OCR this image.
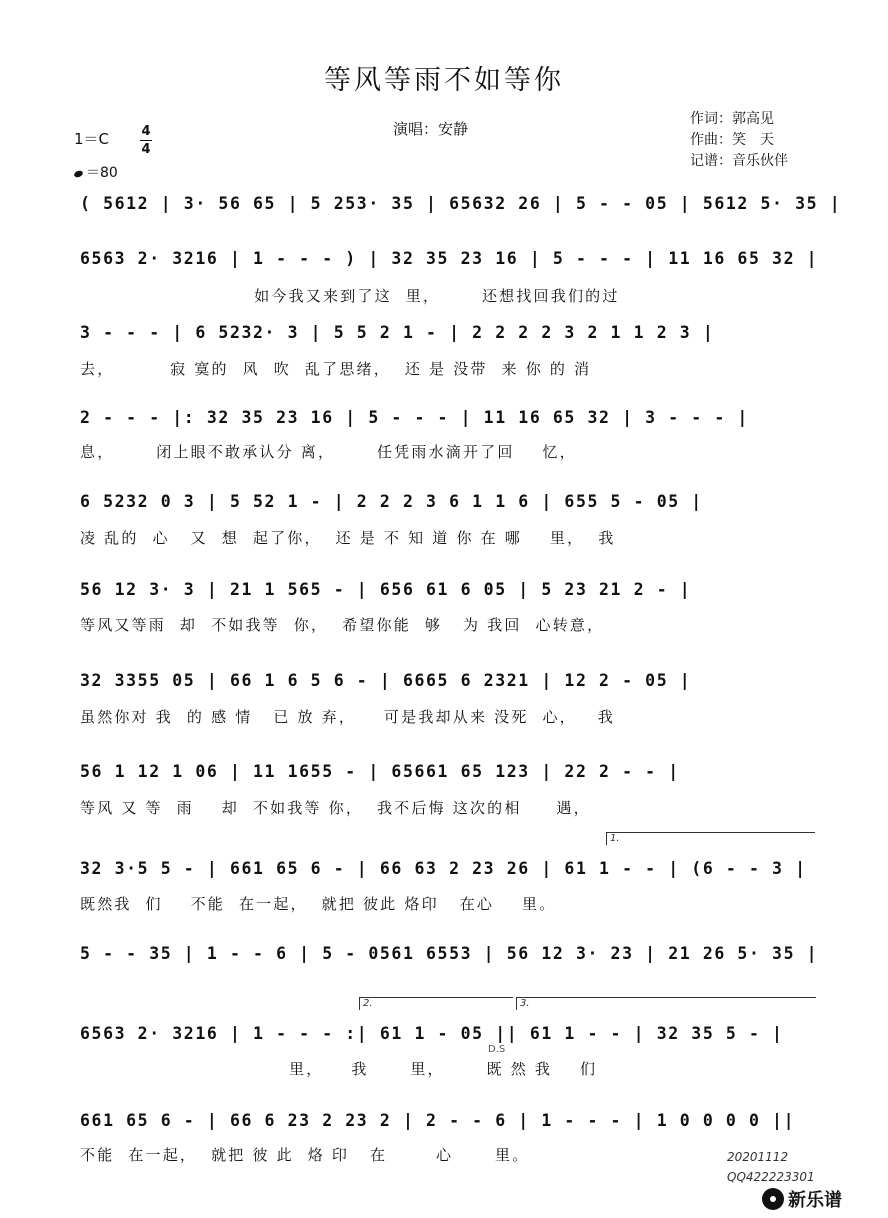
等风等雨不如等你
演唱：安静
作词：郭高见
作曲：笑　天
记谱：音乐伙伴
1＝C 4
4
＝80
( 5612 | 3· 56 65 | 5 253· 35 | 65632 26 | 5 - - 05 | 5612 5· 35 |
6563 2· 3216 | 1 - - - ) | 32 35 23 16 | 5 - - - | 11 16 65 32 |
如今我又来到了这  里，      还想找回我们的过
3 - - - | 6 5232· 3 | 5 5 2 1 - | 2 2 2 2 3 2 1 1 2 3 |
去，        寂 寞的  风  吹  乱了思绪，  还 是 没带  来 你 的 消
2 - - - |: 32 35 23 16 | 5 - - - | 11 16 65 32 | 3 - - - |
息，      闭上眼不敢承认分 离，      任凭雨水滴开了回    忆，
6 5232 0 3 | 5 52 1 - | 2 2 2 3 6 1 1 6 | 655 5 - 05 |
凌 乱的  心   又  想  起了你，  还 是 不 知 道 你 在 哪    里，  我
56 12 3· 3 | 21 1 565 - | 656 61 6 05 | 5 23 21 2 - |
等风又等雨  却  不如我等  你，  希望你能  够   为 我回  心转意，
32 3355 05 | 66 1 6 5 6 - | 6665 6 2321 | 12 2 - 05 |
虽然你对 我  的 感 情   已 放 弃，    可是我却从来 没死  心，   我
56 1 12 1 06 | 11 1655 - | 65661 65 123 | 22 2 - - |
等风 又 等  雨    却  不如我等 你，  我不后悔 这次的相     遇，
1.
32 3·5 5 - | 661 65 6 - | 66 63 2 23 26 | 61 1 - - | (6 - - 3 |
既然我  们    不能  在一起，  就把 彼此 烙印   在心    里。
5 - - 35 | 1 - - 6 | 5 - 0561 6553 | 56 12 3· 23 | 21 26 5· 35 |
2.	3.
6563 2· 3216 | 1 - - - :| 61 1 - 05 || 61 1 - - | 32 35 5 - |
D.S
里，    我      里，      既 然 我    们
661 65 6 - | 66 6 23 2 23 2 | 2 - - 6 | 1 - - - | 1 0 0 0 0 ||
不能  在一起，  就把 彼 此  烙 印   在       心      里。	20201112
QQ422223301
新乐谱
